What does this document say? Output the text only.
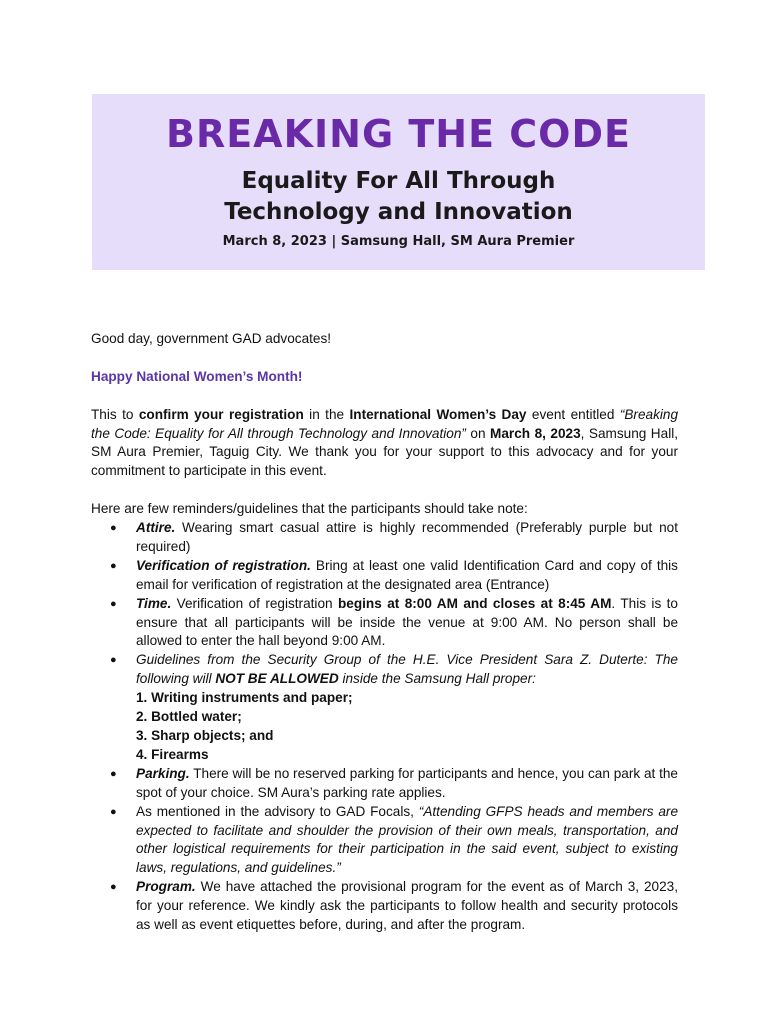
BREAKING THE CODE
Equality For All Through
Technology and Innovation
March 8, 2023 | Samsung Hall, SM Aura Premier

Good day, government GAD advocates!

Happy National Women’s Month!

This to confirm your registration in the International Women’s Day event entitled “Breaking the Code: Equality for All through Technology and Innovation” on March 8, 2023, Samsung Hall, SM Aura Premier, Taguig City. We thank you for your support to this advocacy and for your commitment to participate in this event.

Here are few reminders/guidelines that the participants should take note:

● Attire. Wearing smart casual attire is highly recommended (Preferably purple but not required)
● Verification of registration. Bring at least one valid Identification Card and copy of this email for verification of registration at the designated area (Entrance)
● Time. Verification of registration begins at 8:00 AM and closes at 8:45 AM. This is to ensure that all participants will be inside the venue at 9:00 AM. No person shall be allowed to enter the hall beyond 9:00 AM.
● Guidelines from the Security Group of the H.E. Vice President Sara Z. Duterte: The following will NOT BE ALLOWED inside the Samsung Hall proper:
1. Writing instruments and paper;
2. Bottled water;
3. Sharp objects; and
4. Firearms
● Parking. There will be no reserved parking for participants and hence, you can park at the spot of your choice. SM Aura’s parking rate applies.
● As mentioned in the advisory to GAD Focals, “Attending GFPS heads and members are expected to facilitate and shoulder the provision of their own meals, transportation, and other logistical requirements for their participation in the said event, subject to existing laws, regulations, and guidelines.”
● Program. We have attached the provisional program for the event as of March 3, 2023, for your reference. We kindly ask the participants to follow health and security protocols as well as event etiquettes before, during, and after the program.
